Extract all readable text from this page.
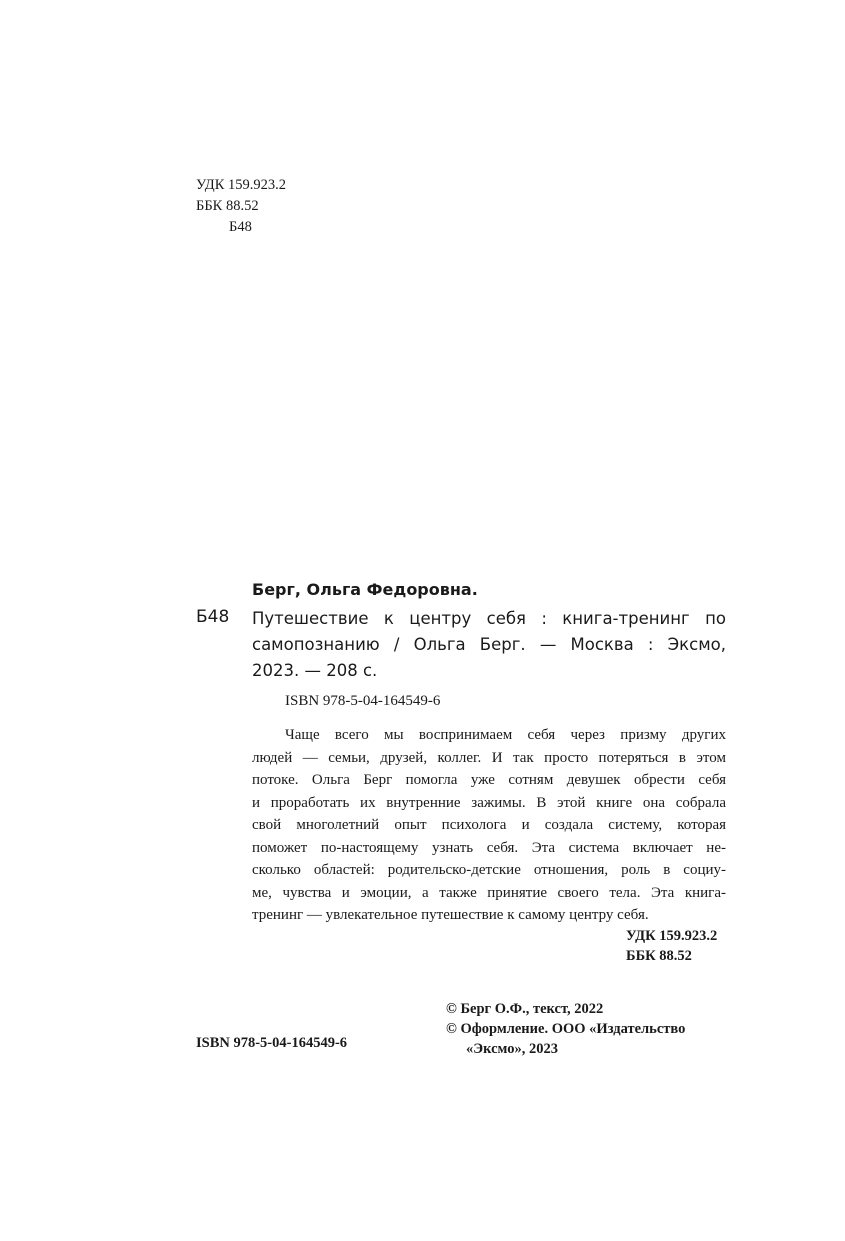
УДК 159.923.2
ББК 88.52
Б48
Берг, Ольга Федоровна.
Б48 Путешествие к центру себя : книга-тренинг по
самопознанию / Ольга Берг. — Москва : Эксмо,
2023. — 208 с.
ISBN 978-5-04-164549-6
Чаще всего мы воспринимаем себя через призму других
людей — семьи, друзей, коллег. И так просто потеряться в этом
потоке. Ольга Берг помогла уже сотням девушек обрести себя
и проработать их внутренние зажимы. В этой книге она собрала
свой многолетний опыт психолога и создала систему, которая
поможет по-настоящему узнать себя. Эта система включает не-
сколько областей: родительско-детские отношения, роль в социу-
ме, чувства и эмоции, а также принятие своего тела. Эта книга-
тренинг — увлекательное путешествие к самому центру себя.
УДК 159.923.2
ББК 88.52
© Берг О.Ф., текст, 2022
© Оформление. ООО «Издательство
«Эксмо», 2023
ISBN 978-5-04-164549-6
